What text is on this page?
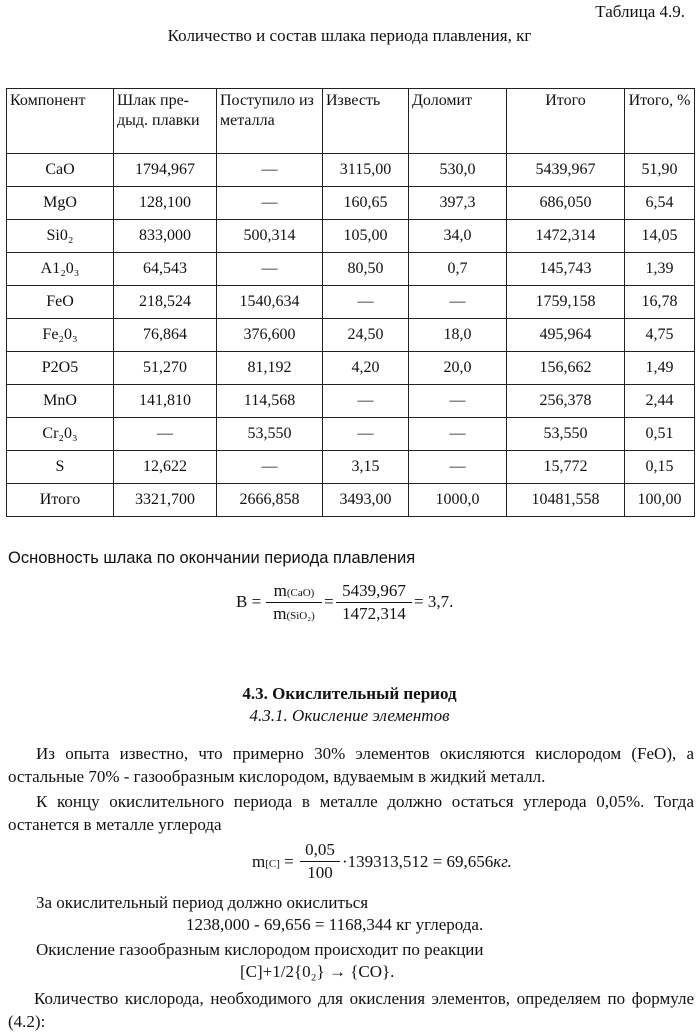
Таблица 4.9.
Количество и состав шлака периода плавления, кг
Компонент	Шлак пре-дыд. плавки	Поступило из металла	Известь	Доломит	Итого	Итого, %
CaO	1794,967	—	3115,00	530,0	5439,967	51,90
MgO	128,100	—	160,65	397,3	686,050	6,54
Si0₂	833,000	500,314	105,00	34,0	1472,314	14,05
A1₂0₃	64,543	—	80,50	0,7	145,743	1,39
FeO	218,524	1540,634	—	—	1759,158	16,78
Fe₂0₃	76,864	376,600	24,50	18,0	495,964	4,75
P2O5	51,270	81,192	4,20	20,0	156,662	1,49
MnO	141,810	114,568	—	—	256,378	2,44
Cr₂0₃	—	53,550	—	—	53,550	0,51
S	12,622	—	3,15	—	15,772	0,15
Итого	3321,700	2666,858	3493,00	1000,0	10481,558	100,00
Основность шлака по окончании периода плавления
B =
m(CaO)
m(SiO₂)
= $\frac{5439,967}{1472,314} = 3,7$.
4.3. Окислительный период
4.3.1. Окисление элементов
Из опыта известно, что примерно 30% элементов окисляются кислородом (FeO), а остальные 70% - газообразным кислородом, вдуваемым в жидкий металл.
К концу окислительного периода в металле должно остаться углерода 0,05%. Тогда останется в металле углерода
$m[C] = \frac{0,05}{100} \cdot 139313,512 = 69,656кг$.
За окислительный период должно окислиться
1238,000 - 69,656 = 1168,344 кг углерода.
Окисление газообразным кислородом происходит по реакции
[C]+1/2{0₂} → {CO}.
Количество кислорода, необходимого для окисления элементов, определяем по формуле (4.2):
